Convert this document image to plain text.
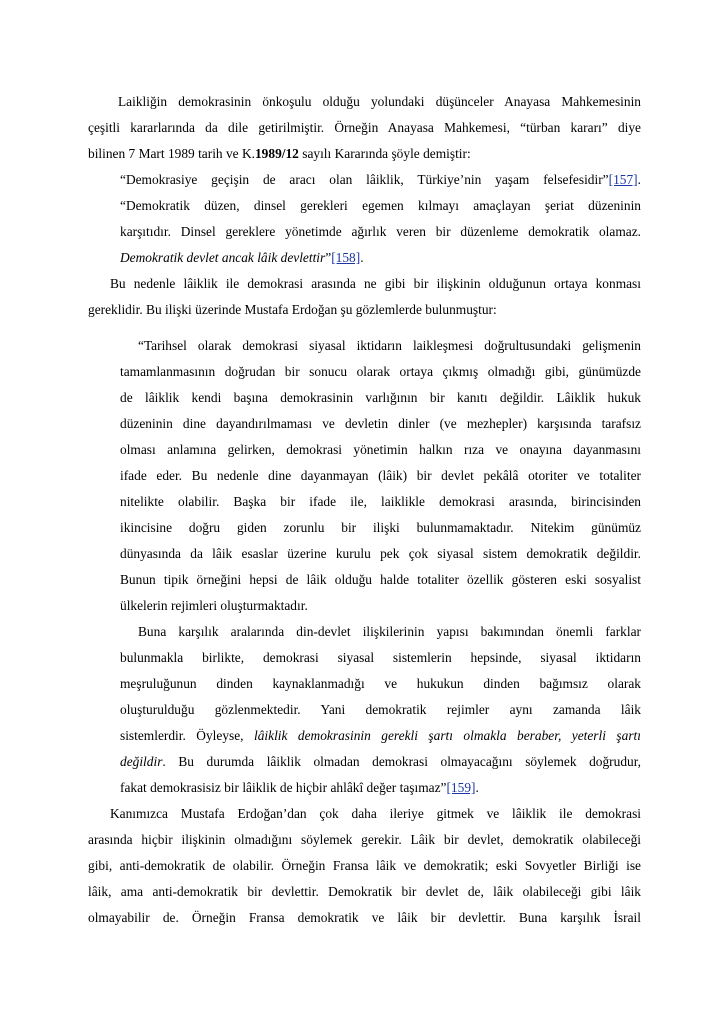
Laikliğin demokrasinin önkoşulu olduğu yolundaki düşünceler Anayasa Mahkemesinin
çeşitli kararlarında da dile getirilmiştir. Örneğin Anayasa Mahkemesi, “türban kararı” diye
bilinen 7 Mart 1989 tarih ve K.1989/12 sayılı Kararında şöyle demiştir:
“Demokrasiye geçişin de aracı olan lâiklik, Türkiye’nin yaşam felsefesidir”[157].
“Demokratik düzen, dinsel gerekleri egemen kılmayı amaçlayan şeriat düzeninin
karşıtıdır. Dinsel gereklere yönetimde ağırlık veren bir düzenleme demokratik olamaz.
Demokratik devlet ancak lâik devlettir”[158].
Bu nedenle lâiklik ile demokrasi arasında ne gibi bir ilişkinin olduğunun ortaya konması
gereklidir. Bu ilişki üzerinde Mustafa Erdoğan şu gözlemlerde bulunmuştur:
“Tarihsel olarak demokrasi siyasal iktidarın laikleşmesi doğrultusundaki gelişmenin
tamamlanmasının doğrudan bir sonucu olarak ortaya çıkmış olmadığı gibi, günümüzde
de lâiklik kendi başına demokrasinin varlığının bir kanıtı değildir. Lâiklik hukuk
düzeninin dine dayandırılmaması ve devletin dinler (ve mezhepler) karşısında tarafsız
olması anlamına gelirken, demokrasi yönetimin halkın rıza ve onayına dayanmasını
ifade eder. Bu nedenle dine dayanmayan (lâik) bir devlet pekâlâ otoriter ve totaliter
nitelikte olabilir. Başka bir ifade ile, laiklikle demokrasi arasında, birincisinden
ikincisine doğru giden zorunlu bir ilişki bulunmamaktadır. Nitekim günümüz
dünyasında da lâik esaslar üzerine kurulu pek çok siyasal sistem demokratik değildir.
Bunun tipik örneğini hepsi de lâik olduğu halde totaliter özellik gösteren eski sosyalist
ülkelerin rejimleri oluşturmaktadır.
Buna karşılık aralarında din-devlet ilişkilerinin yapısı bakımından önemli farklar
bulunmakla birlikte, demokrasi siyasal sistemlerin hepsinde, siyasal iktidarın
meşruluğunun dinden kaynaklanmadığı ve hukukun dinden bağımsız olarak
oluşturulduğu gözlenmektedir. Yani demokratik rejimler aynı zamanda lâik
sistemlerdir. Öyleyse, lâiklik demokrasinin gerekli şartı olmakla beraber, yeterli şartı
değildir. Bu durumda lâiklik olmadan demokrasi olmayacağını söylemek doğrudur,
fakat demokrasisiz bir lâiklik de hiçbir ahlâkî değer taşımaz”[159].
Kanımızca Mustafa Erdoğan’dan çok daha ileriye gitmek ve lâiklik ile demokrasi
arasında hiçbir ilişkinin olmadığını söylemek gerekir. Lâik bir devlet, demokratik olabileceği
gibi, anti-demokratik de olabilir. Örneğin Fransa lâik ve demokratik; eski Sovyetler Birliği ise
lâik, ama anti-demokratik bir devlettir. Demokratik bir devlet de, lâik olabileceği gibi lâik
olmayabilir de. Örneğin Fransa demokratik ve lâik bir devlettir. Buna karşılık İsrail
